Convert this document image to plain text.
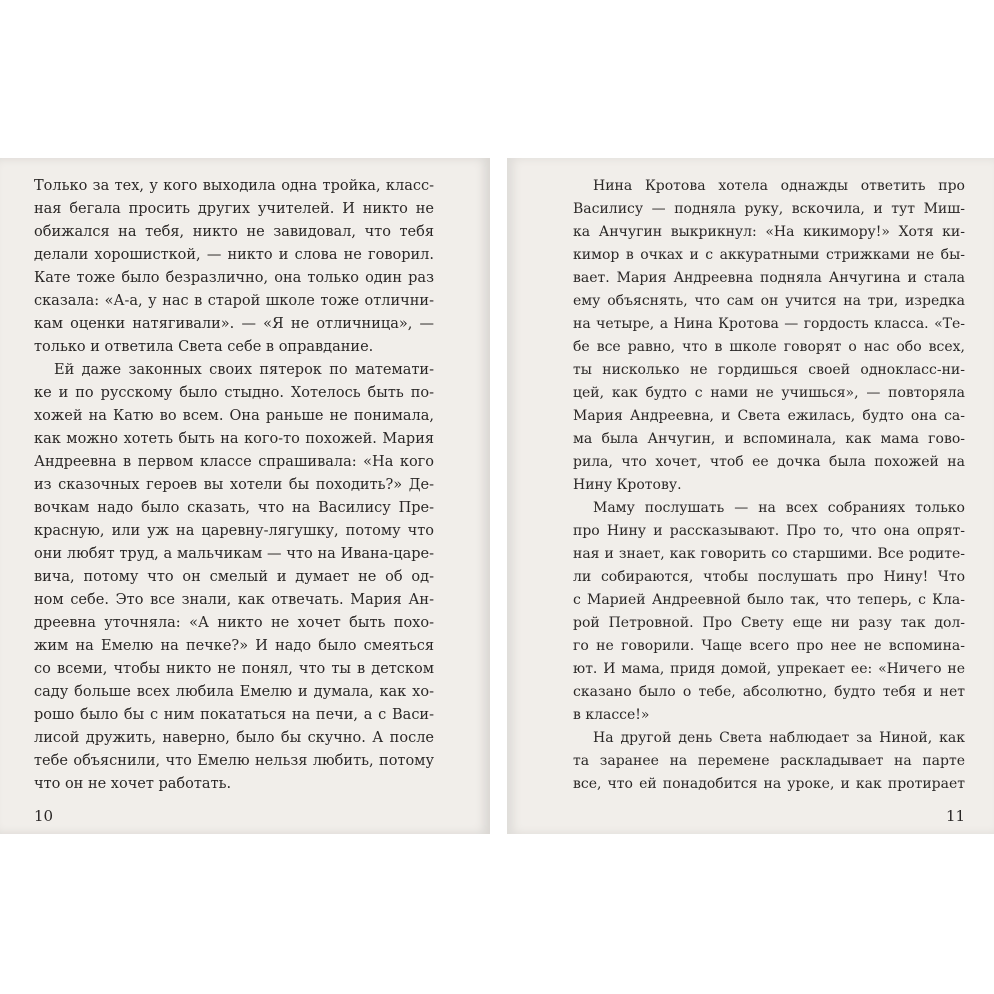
Только за тех, у кого выходила одна тройка, класс-
ная бегала просить других учителей. И никто не
обижался на тебя, никто не завидовал, что тебя
делали хорошисткой, — никто и слова не говорил.
Кате тоже было безразлично, она только один раз
сказала: «А-а, у нас в старой школе тоже отлични-
кам оценки натягивали». — «Я не отличница», —
только и ответила Света себе в оправдание.
Ей даже законных своих пятерок по математи-
ке и по русскому было стыдно. Хотелось быть по-
хожей на Катю во всем. Она раньше не понимала,
как можно хотеть быть на кого-то похожей. Мария
Андреевна в первом классе спрашивала: «На кого
из сказочных героев вы хотели бы походить?» Де-
вочкам надо было сказать, что на Василису Пре-
красную, или уж на царевну-лягушку, потому что
они любят труд, а мальчикам — что на Ивана-царе-
вича, потому что он смелый и думает не об од-
ном себе. Это все знали, как отвечать. Мария Ан-
дреевна уточняла: «А никто не хочет быть похо-
жим на Емелю на печке?» И надо было смеяться
со всеми, чтобы никто не понял, что ты в детском
саду больше всех любила Емелю и думала, как хо-
рошо было бы с ним покататься на печи, а с Васи-
лисой дружить, наверно, было бы скучно. А после
тебе объяснили, что Емелю нельзя любить, потому
что он не хочет работать.
10
Нина Кротова хотела однажды ответить про
Василису — подняла руку, вскочила, и тут Миш-
ка Анчугин выкрикнул: «На кикимору!» Хотя ки-
кимор в очках и с аккуратными стрижками не бы-
вает. Мария Андреевна подняла Анчугина и стала
ему объяснять, что сам он учится на три, изредка
на четыре, а Нина Кротова — гордость класса. «Те-
бе все равно, что в школе говорят о нас обо всех,
ты нисколько не гордишься своей однокласс-ни-
цей, как будто с нами не учишься», — повторяла
Мария Андреевна, и Света ежилась, будто она са-
ма была Анчугин, и вспоминала, как мама гово-
рила, что хочет, чтоб ее дочка была похожей на
Нину Кротову.
Маму послушать — на всех собраниях только
про Нину и рассказывают. Про то, что она опрят-
ная и знает, как говорить со старшими. Все родите-
ли собираются, чтобы послушать про Нину! Что
с Марией Андреевной было так, что теперь, с Кла-
рой Петровной. Про Свету еще ни разу так дол-
го не говорили. Чаще всего про нее не вспомина-
ют. И мама, придя домой, упрекает ее: «Ничего не
сказано было о тебе, абсолютно, будто тебя и нет
в классе!»
На другой день Света наблюдает за Ниной, как
та заранее на перемене раскладывает на парте
все, что ей понадобится на уроке, и как протирает
11
